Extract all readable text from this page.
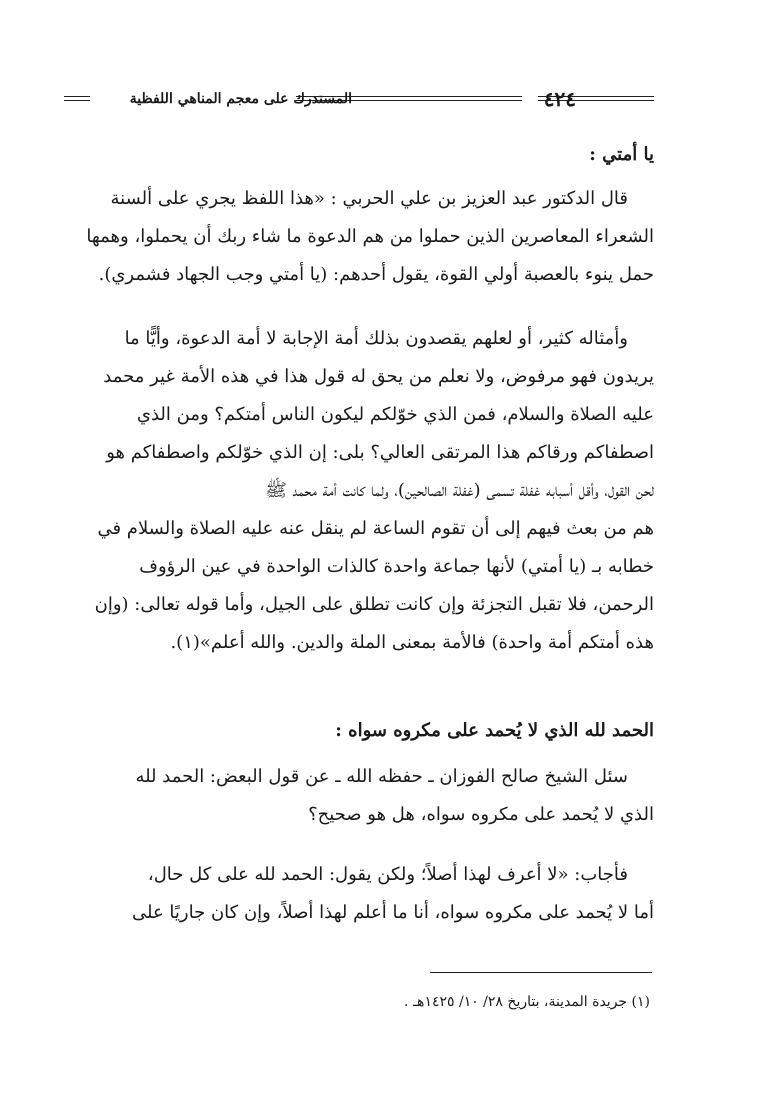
٤٢٤
المستدرك على معجم المناهي اللفظية
يا أمتي :
قال الدكتور عبد العزيز بن علي الحربي : «هذا اللفظ يجري على ألسنة
الشعراء المعاصرين الذين حملوا من هم الدعوة ما شاء ربك أن يحملوا، وهمها
حمل ينوء بالعصبة أولي القوة، يقول أحدهم: (يا أمتي وجب الجهاد فشمري).
وأمثاله كثير، أو لعلهم يقصدون بذلك أمة الإجابة لا أمة الدعوة، وأيًّا ما
يريدون فهو مرفوض، ولا نعلم من يحق له قول هذا في هذه الأمة غير محمد
عليه الصلاة والسلام، فمن الذي خوّلكم ليكون الناس أمتكم؟ ومن الذي
اصطفاكم ورقاكم هذا المرتقى العالي؟ بلى: إن الذي خوّلكم واصطفاكم هو
لحن القول، وأقل أسبابه غفلة تسمى (غفلة الصالحين)، ولما كانت أمة محمد ﷺ
هم من بعث فيهم إلى أن تقوم الساعة لم ينقل عنه عليه الصلاة والسلام في
خطابه بـ (يا أمتي) لأنها جماعة واحدة كالذات الواحدة في عين الرؤوف
الرحمن، فلا تقبل التجزئة وإن كانت تطلق على الجيل، وأما قوله تعالى: (وإن
هذه أمتكم أمة واحدة) فالأمة بمعنى الملة والدين. والله أعلم»(١).
الحمد لله الذي لا يُحمد على مكروه سواه :
سئل الشيخ صالح الفوزان ـ حفظه الله ـ عن قول البعض: الحمد لله
الذي لا يُحمد على مكروه سواه، هل هو صحيح؟
فأجاب: «لا أعرف لهذا أصلاً؛ ولكن يقول: الحمد لله على كل حال،
أما لا يُحمد على مكروه سواه، أنا ما أعلم لهذا أصلاً، وإن كان جاريًا على
(١) جريدة المدينة، بتاريخ ٢٨/ ١٠/ ١٤٢٥هـ .
